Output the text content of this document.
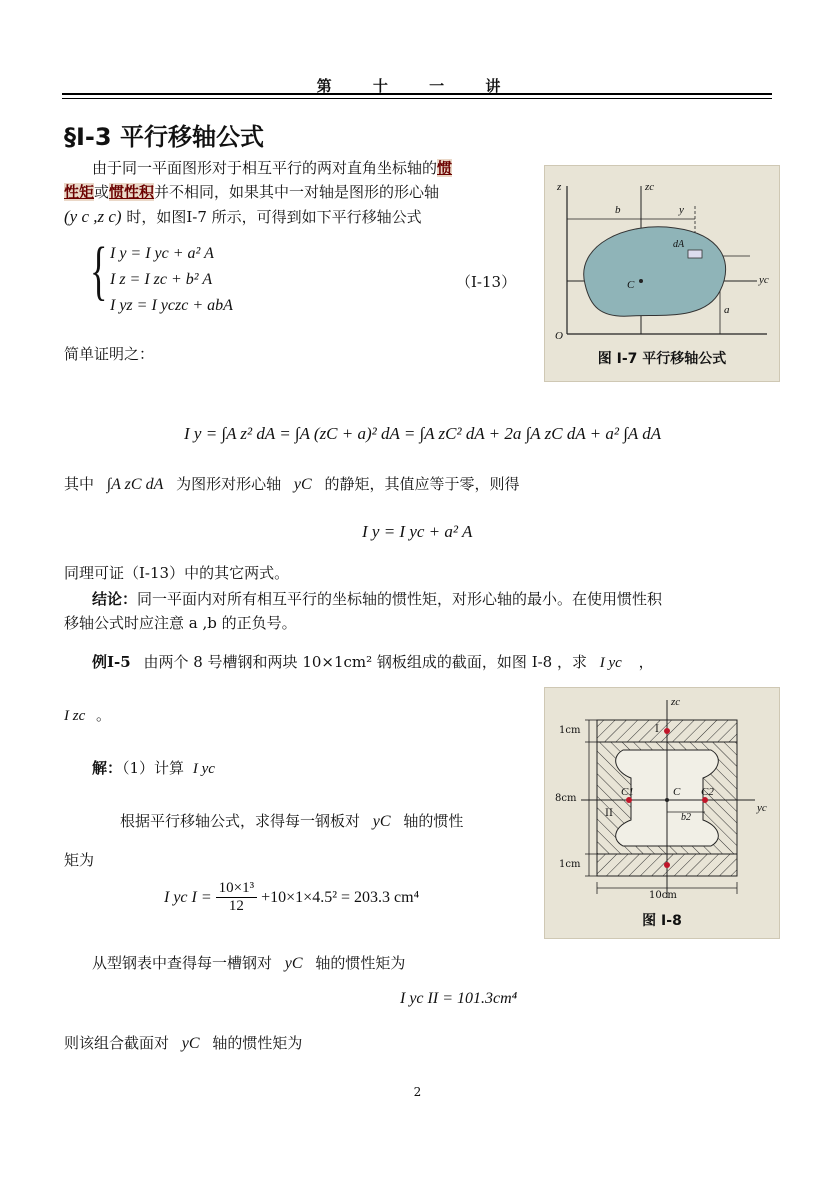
第 十 一 讲
§Ⅰ-3 平行移轴公式
由于同一平面图形对于相互平行的两对直角坐标轴的惯
性矩或惯性积并不相同，如果其中一对轴是图形的形心轴
(y c ,z c) 时，如图Ⅰ-7 所示，可得到如下平行移轴公式
{ I y = I yc + a² A
I z = I zc + b² A
I yz = I yczc + abA
（Ⅰ-13）
简单证明之：
z	zc
y
b
yc
a
O
C
dA
图 I-7 平行移轴公式
I y = ∫A z² dA = ∫A (zC + a)² dA = ∫A zC² dA + 2a ∫A zC dA + a² ∫A dA
其中 ∫A zC dA 为图形对形心轴 yC 的静矩，其值应等于零，则得
I y = I yc + a² A
同理可证（I-13）中的其它两式。
结论：同一平面内对所有相互平行的坐标轴的惯性矩，对形心轴的最小。在使用惯性积
移轴公式时应注意 a ,b 的正负号。
例Ⅰ-5 由两个 8 号槽钢和两块 10×1cm² 钢板组成的截面，如图 Ⅰ-8 ，求 I yc ，
I zc 。
解：（1）计算 I yc
根据平行移轴公式，求得每一钢板对 yC 轴的惯性
矩为
I yc $I = \frac{\text{10×1³}}{12} +10\times 1\times 4.5^2 = 203.3$ cm⁴
zc
yc
1cm
8cm
1cm
10cm
C
C1	C2
b2
I
II
图 I-8
从型钢表中查得每一槽钢对 yC 轴的惯性矩为
I yc II = 101.3cm⁴
则该组合截面对 yC 轴的惯性矩为
2
